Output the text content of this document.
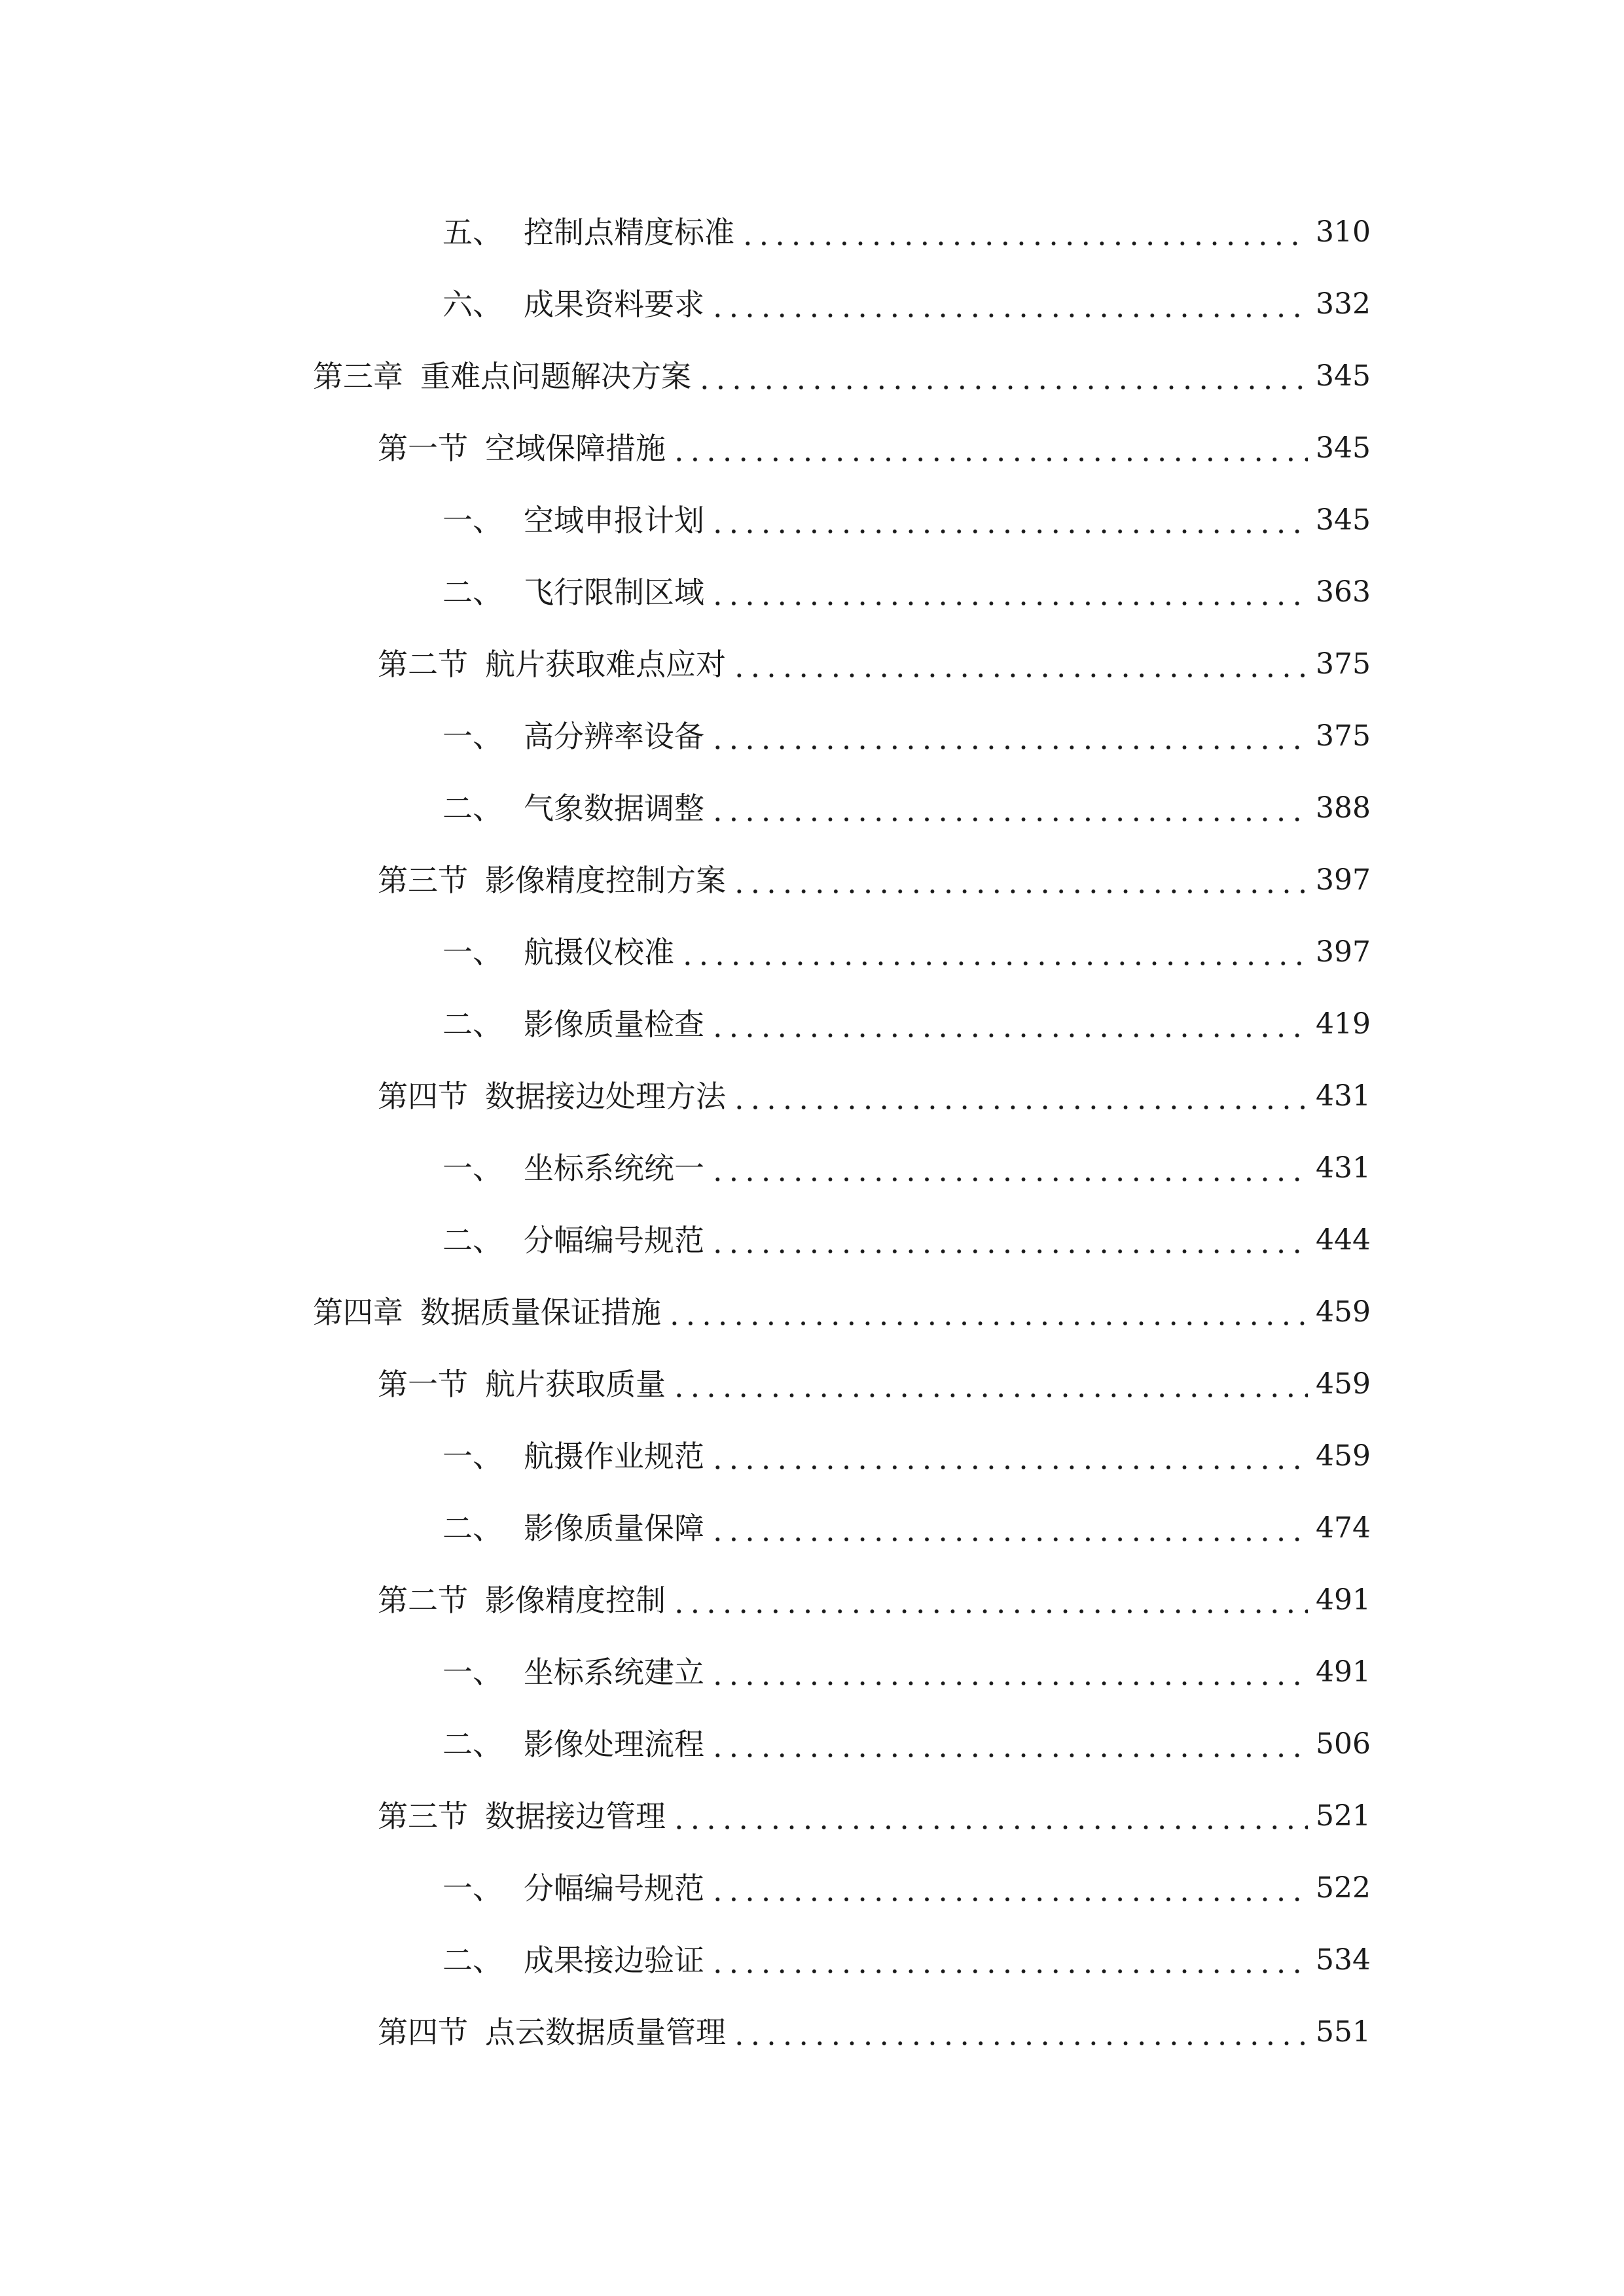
五、 控制点精度标准	310
六、 成果资料要求	332
第三章 重难点问题解决方案	345
第一节 空域保障措施	345
一、 空域申报计划	345
二、 飞行限制区域	363
第二节 航片获取难点应对	375
一、 高分辨率设备	375
二、 气象数据调整	388
第三节 影像精度控制方案	397
一、 航摄仪校准	397
二、 影像质量检查	419
第四节 数据接边处理方法	431
一、 坐标系统统一	431
二、 分幅编号规范	444
第四章 数据质量保证措施	459
第一节 航片获取质量	459
一、 航摄作业规范	459
二、 影像质量保障	474
第二节 影像精度控制	491
一、 坐标系统建立	491
二、 影像处理流程	506
第三节 数据接边管理	521
一、 分幅编号规范	522
二、 成果接边验证	534
第四节 点云数据质量管理	551
